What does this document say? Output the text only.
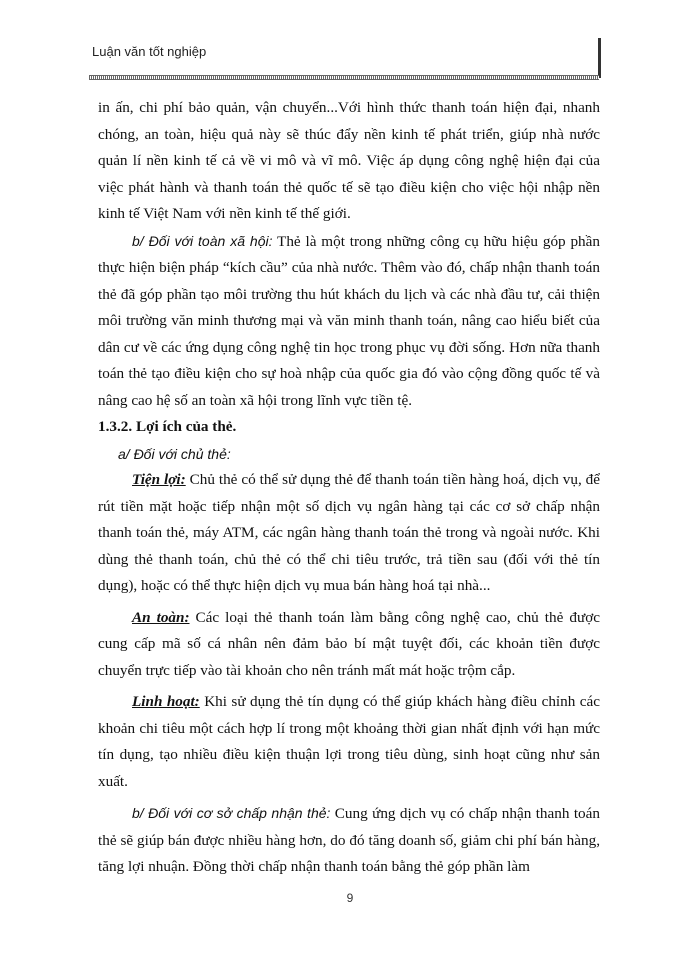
Luận văn tốt nghiệp

in ấn, chi phí bảo quản, vận chuyển...Với hình thức thanh toán hiện đại, nhanh chóng, an toàn, hiệu quả này sẽ thúc đẩy nền kinh tế phát triển, giúp nhà nước quản lí nền kinh tế cả về vi mô và vĩ mô. Việc áp dụng công nghệ hiện đại của việc phát hành và thanh toán thẻ quốc tế sẽ tạo điều kiện cho việc hội nhập nền kinh tế Việt Nam với nền kinh tế thế giới.

b/ Đối với toàn xã hội: Thẻ là một trong những công cụ hữu hiệu góp phần thực hiện biện pháp “kích cầu” của nhà nước. Thêm vào đó, chấp nhận thanh toán thẻ đã góp phần tạo môi trường thu hút khách du lịch và các nhà đầu tư, cải thiện môi trường văn minh thương mại và văn minh thanh toán, nâng cao hiểu biết của dân cư về các ứng dụng công nghệ tin học trong phục vụ đời sống. Hơn nữa thanh toán thẻ tạo điều kiện cho sự hoà nhập của quốc gia đó vào cộng đồng quốc tế và nâng cao hệ số an toàn xã hội trong lĩnh vực tiền tệ.

1.3.2. Lợi ích của thẻ.

a/ Đối với chủ thẻ:

Tiện lợi: Chủ thẻ có thể sử dụng thẻ để thanh toán tiền hàng hoá, dịch vụ, để rút tiền mặt hoặc tiếp nhận một số dịch vụ ngân hàng tại các cơ sở chấp nhận thanh toán thẻ, máy ATM, các ngân hàng thanh toán thẻ trong và ngoài nước. Khi dùng thẻ thanh toán, chủ thẻ có thể chi tiêu trước, trả tiền sau (đối với thẻ tín dụng), hoặc có thể thực hiện dịch vụ mua bán hàng hoá tại nhà...

An toàn: Các loại thẻ thanh toán làm bằng công nghệ cao, chủ thẻ được cung cấp mã số cá nhân nên đảm bảo bí mật tuyệt đối, các khoản tiền được chuyển trực tiếp vào tài khoản cho nên tránh mất mát hoặc trộm cắp.

Linh hoạt: Khi sử dụng thẻ tín dụng có thể giúp khách hàng điều chỉnh các khoản chi tiêu một cách hợp lí trong một khoảng thời gian nhất định với hạn mức tín dụng, tạo nhiều điều kiện thuận lợi trong tiêu dùng, sinh hoạt cũng như sản xuất.

b/ Đối với cơ sở chấp nhận thẻ: Cung ứng dịch vụ có chấp nhận thanh toán thẻ sẽ giúp bán được nhiều hàng hơn, do đó tăng doanh số, giảm chi phí bán hàng, tăng lợi nhuận. Đồng thời chấp nhận thanh toán bằng thẻ góp phần làm

9
